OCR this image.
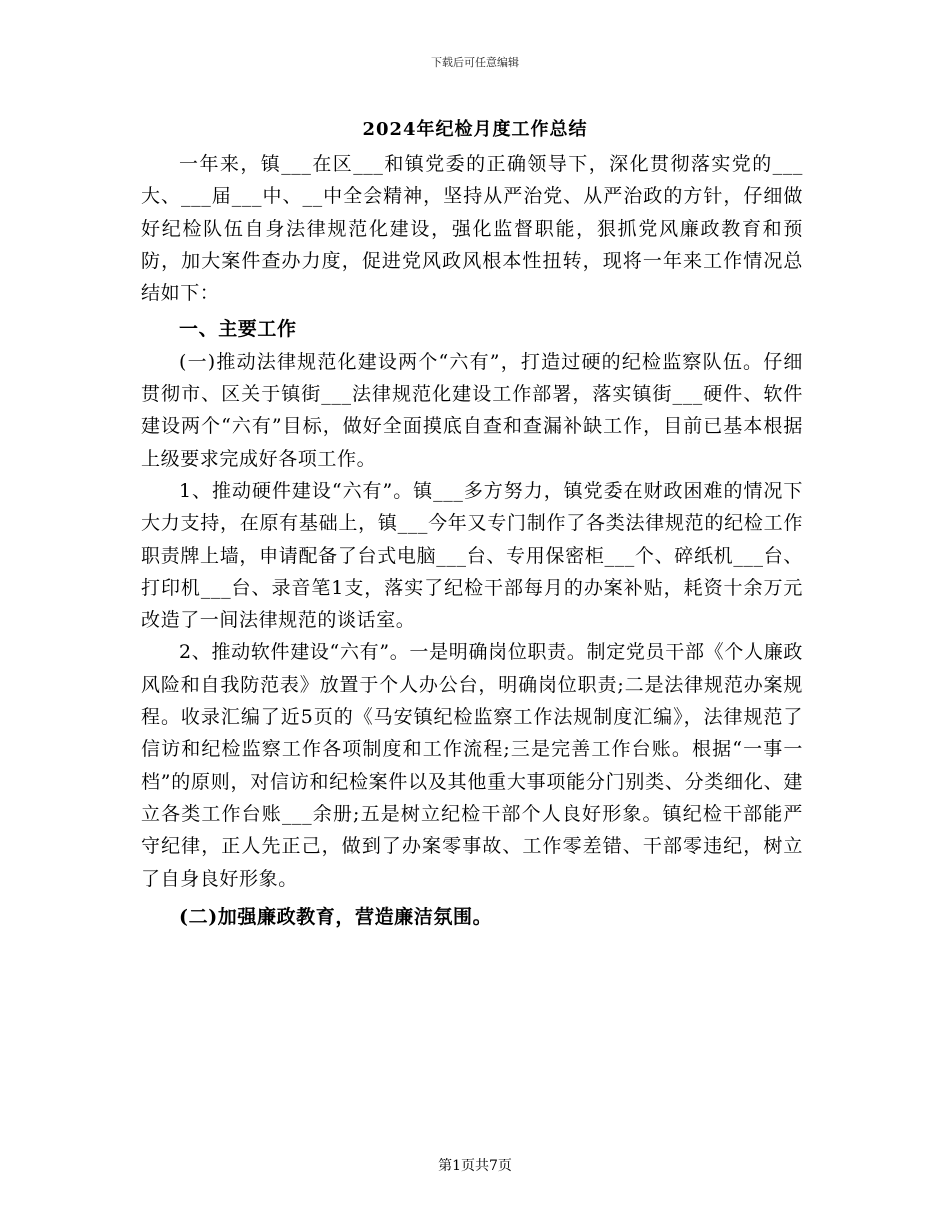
下载后可任意编辑
2024年纪检月度工作总结

一年来，镇___在区___和镇党委的正确领导下，深化贯彻落实党的___大、___届___中、__中全会精神，坚持从严治党、从严治政的方针，仔细做好纪检队伍自身法律规范化建设，强化监督职能，狠抓党风廉政教育和预防，加大案件查办力度，促进党风政风根本性扭转，现将一年来工作情况总结如下：

一、主要工作

(一)推动法律规范化建设两个“六有”，打造过硬的纪检监察队伍。仔细贯彻市、区关于镇街___法律规范化建设工作部署，落实镇街___硬件、软件建设两个“六有”目标，做好全面摸底自查和查漏补缺工作，目前已基本根据上级要求完成好各项工作。

1、推动硬件建设“六有”。镇___多方努力，镇党委在财政困难的情况下大力支持，在原有基础上，镇___今年又专门制作了各类法律规范的纪检工作职责牌上墙，申请配备了台式电脑___台、专用保密柜___个、碎纸机___台、打印机___台、录音笔1支，落实了纪检干部每月的办案补贴，耗资十余万元改造了一间法律规范的谈话室。

2、推动软件建设“六有”。一是明确岗位职责。制定党员干部《个人廉政风险和自我防范表》放置于个人办公台，明确岗位职责;二是法律规范办案规程。收录汇编了近5页的《马安镇纪检监察工作法规制度汇编》，法律规范了信访和纪检监察工作各项制度和工作流程;三是完善工作台账。根据“一事一档”的原则，对信访和纪检案件以及其他重大事项能分门别类、分类细化、建立各类工作台账___余册;五是树立纪检干部个人良好形象。镇纪检干部能严守纪律，正人先正己，做到了办案零事故、工作零差错、干部零违纪，树立了自身良好形象。

(二)加强廉政教育，营造廉洁氛围。

第1页共7页
